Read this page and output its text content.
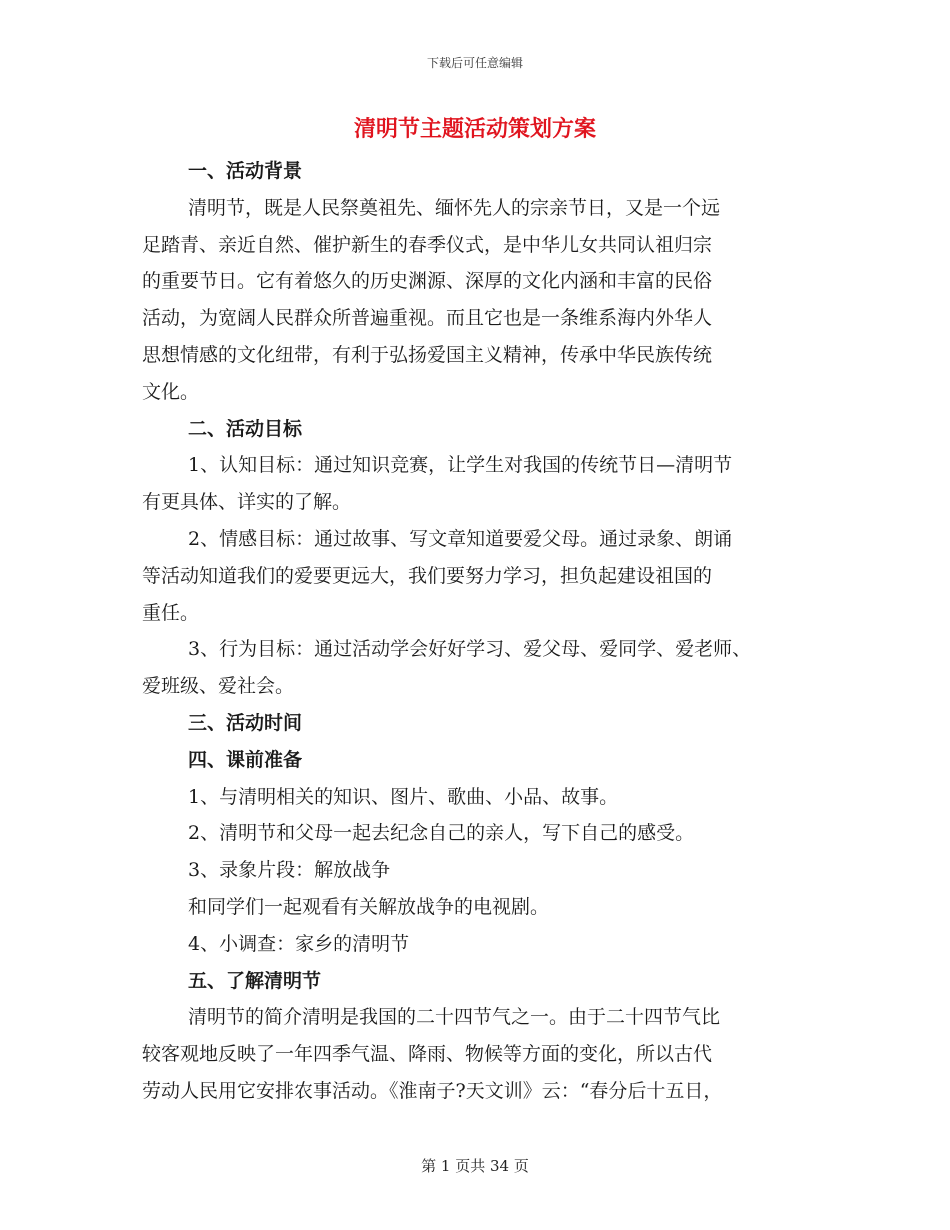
下载后可任意编辑
清明节主题活动策划方案
一、活动背景
清明节，既是人民祭奠祖先、缅怀先人的宗亲节日，又是一个远
足踏青、亲近自然、催护新生的春季仪式，是中华儿女共同认祖归宗
的重要节日。它有着悠久的历史渊源、深厚的文化内涵和丰富的民俗
活动，为宽阔人民群众所普遍重视。而且它也是一条维系海内外华人
思想情感的文化纽带，有利于弘扬爱国主义精神，传承中华民族传统
文化。
二、活动目标
1、认知目标：通过知识竞赛，让学生对我国的传统节日—清明节
有更具体、详实的了解。
2、情感目标：通过故事、写文章知道要爱父母。通过录象、朗诵
等活动知道我们的爱要更远大，我们要努力学习，担负起建设祖国的
重任。
3、行为目标：通过活动学会好好学习、爱父母、爱同学、爱老师、
爱班级、爱社会。
三、活动时间
四、课前准备
1、与清明相关的知识、图片、歌曲、小品、故事。
2、清明节和父母一起去纪念自己的亲人，写下自己的感受。
3、录象片段：解放战争
和同学们一起观看有关解放战争的电视剧。
4、小调查：家乡的清明节
五、了解清明节
清明节的简介清明是我国的二十四节气之一。由于二十四节气比
较客观地反映了一年四季气温、降雨、物候等方面的变化，所以古代
劳动人民用它安排农事活动。《淮南子?天文训》云：“春分后十五日，
第 1 页共 34 页
